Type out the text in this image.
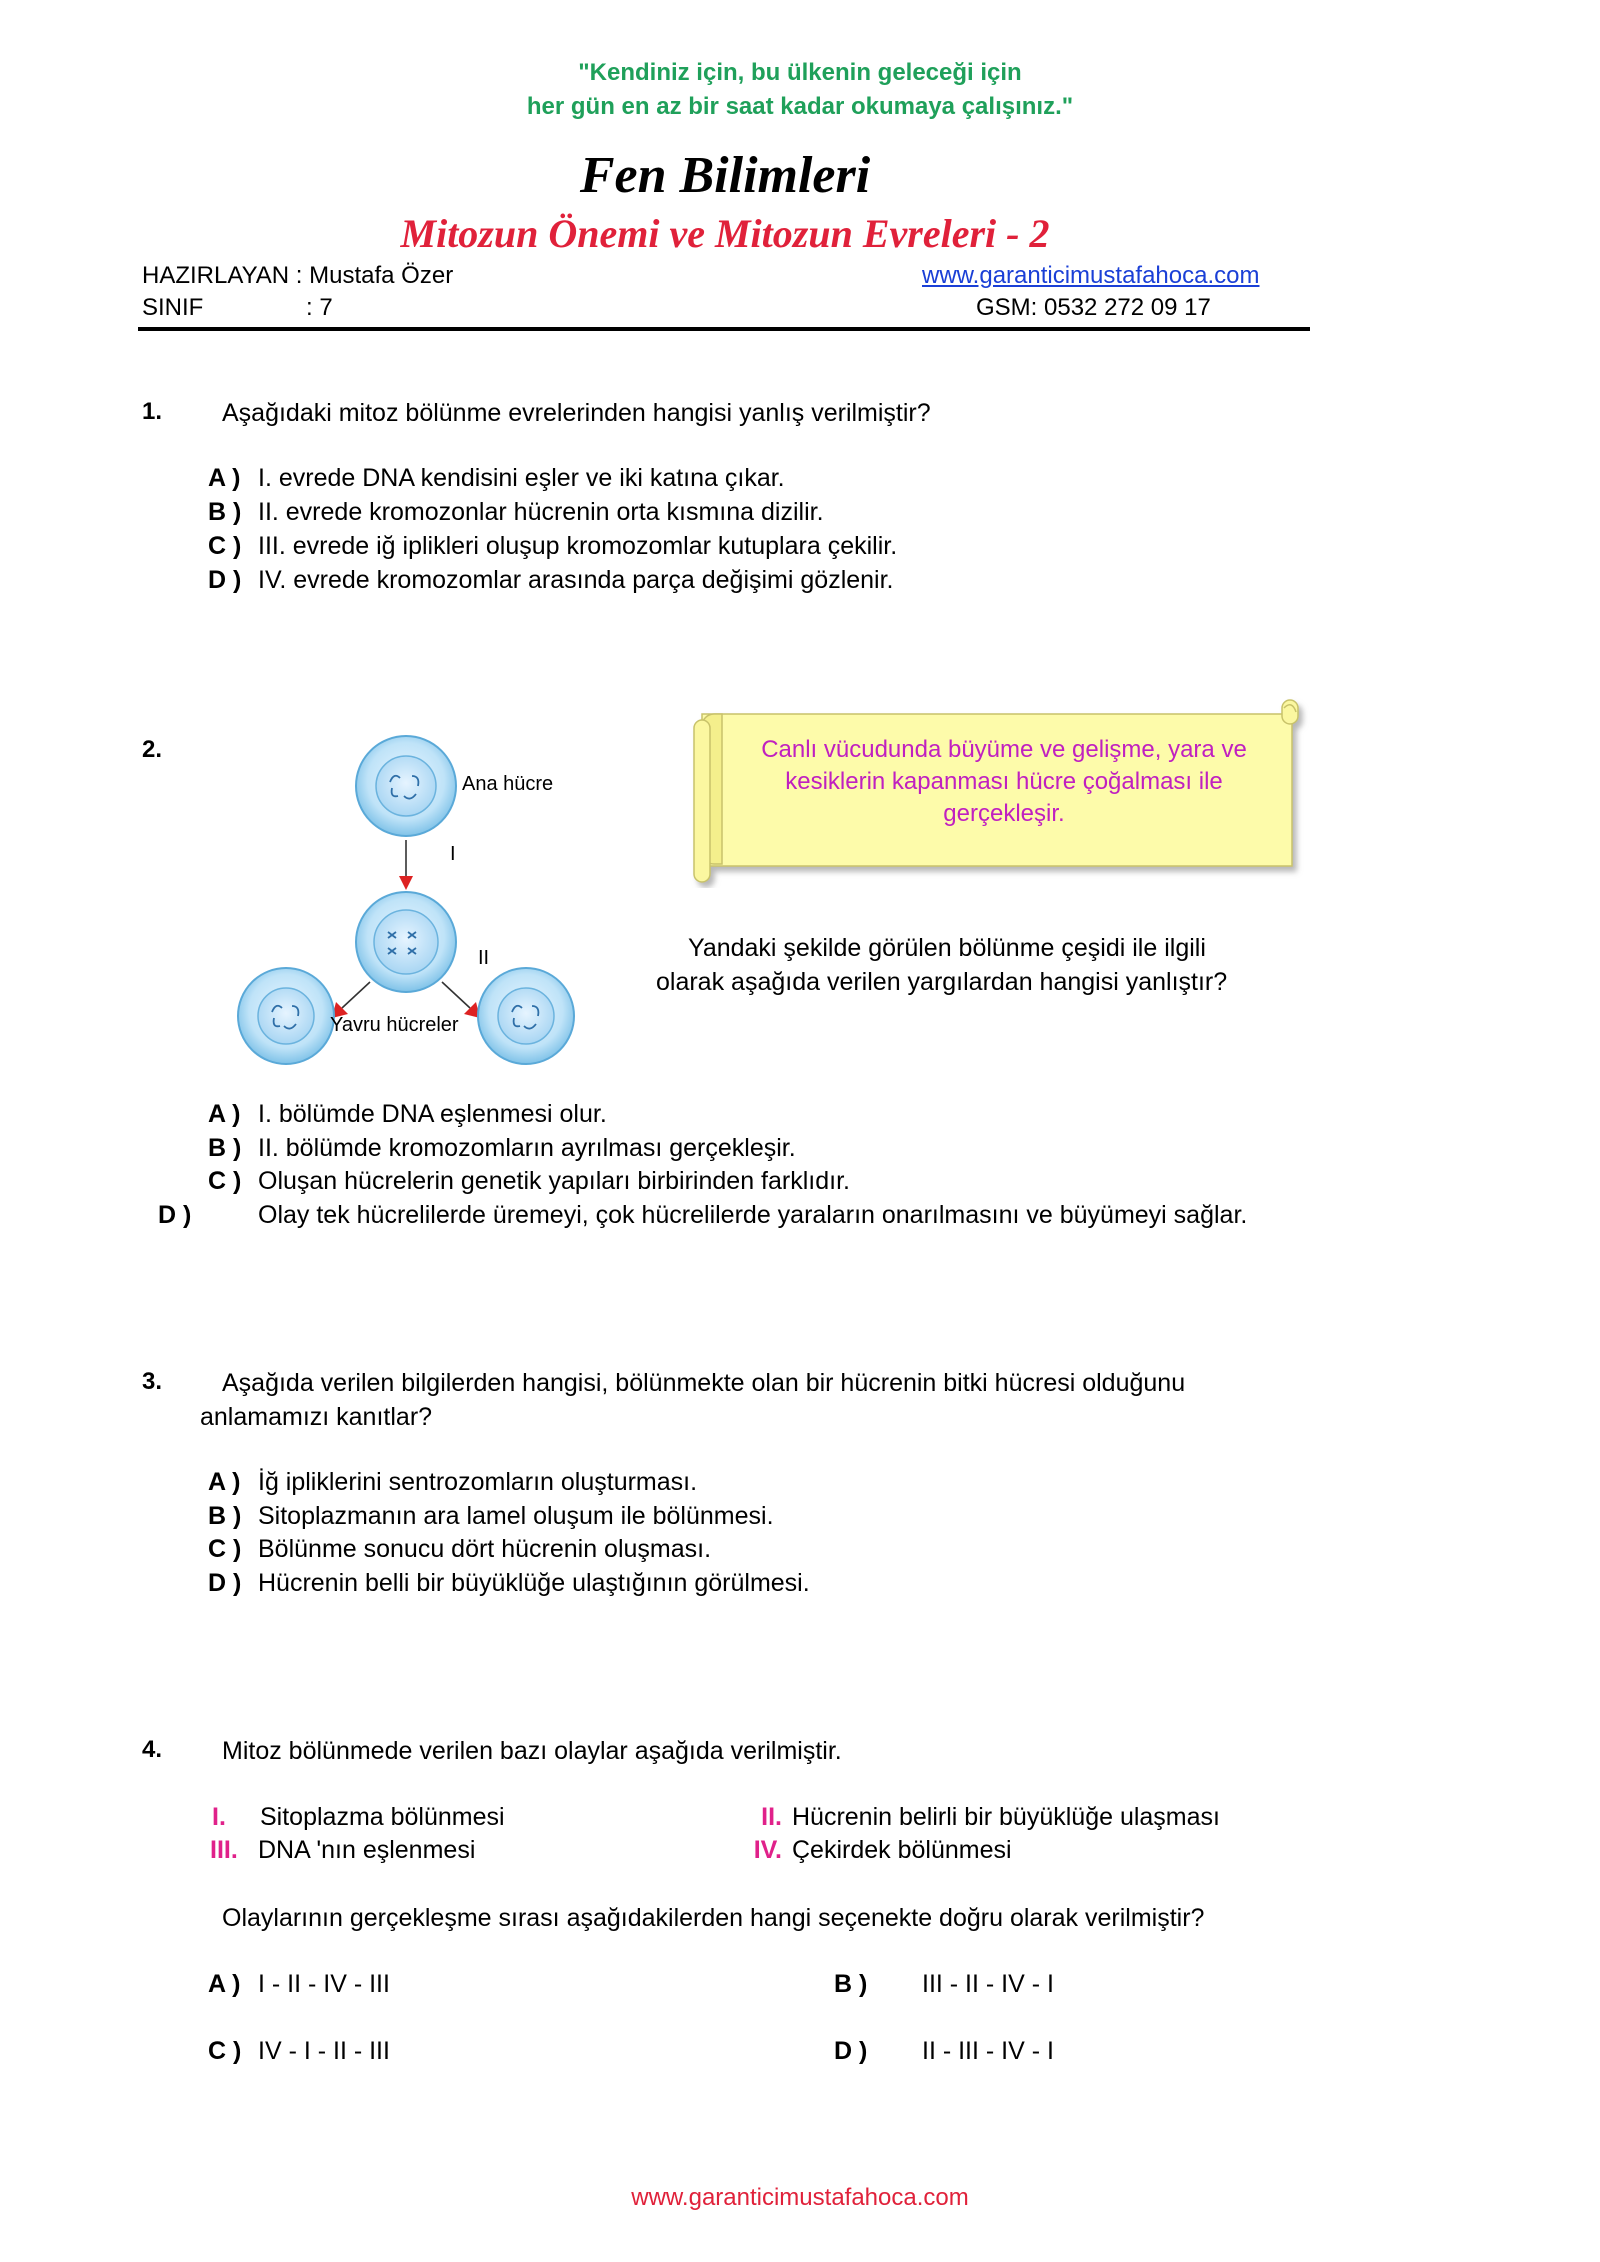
"Kendiniz için, bu ülkenin geleceği için
her gün en az bir saat kadar okumaya çalışınız."
Fen Bilimleri
Mitozun Önemi ve Mitozun Evreleri - 2
HAZIRLAYAN : Mustafa Özer	www.garanticimustafahoca.com
SINIF	: 7	GSM: 0532 272 09 17
1. Aşağıdaki mitoz bölünme evrelerinden hangisi yanlış verilmiştir?
A ) I. evrede DNA kendisini eşler ve iki katına çıkar.
B ) II. evrede kromozonlar hücrenin orta kısmına dizilir.
C ) III. evrede iğ iplikleri oluşup kromozomlar kutuplara çekilir.
D ) IV. evrede kromozomlar arasında parça değişimi gözlenir.
2.
Ana hücre
I
II
Yavru hücreler
Canlı vücudunda büyüme ve gelişme, yara ve kesiklerin kapanması hücre çoğalması ile gerçekleşir.
Yandaki şekilde görülen bölünme çeşidi ile ilgili olarak aşağıda verilen yargılardan hangisi yanlıştır?
A ) I. bölümde DNA eşlenmesi olur.
B ) II. bölümde kromozomların ayrılması gerçekleşir.
C ) Oluşan hücrelerin genetik yapıları birbirinden farklıdır.
D )	Olay tek hücrelilerde üremeyi, çok hücrelilerde yaraların onarılmasını ve büyümeyi sağlar.
3.	Aşağıda verilen bilgilerden hangisi, bölünmekte olan bir hücrenin bitki hücresi olduğunu anlamamızı kanıtlar?
A ) İğ ipliklerini sentrozomların oluşturması.
B ) Sitoplazmanın ara lamel oluşum ile bölünmesi.
C ) Bölünme sonucu dört hücrenin oluşması.
D ) Hücrenin belli bir büyüklüğe ulaştığının görülmesi.
4. Mitoz bölünmede verilen bazı olaylar aşağıda verilmiştir.
I. Sitoplazma bölünmesi	II. Hücrenin belirli bir büyüklüğe ulaşması
III. DNA 'nın eşlenmesi	IV. Çekirdek bölünmesi
Olaylarının gerçekleşme sırası aşağıdakilerden hangi seçenekte doğru olarak verilmiştir?
A ) I - II - IV - III	B ) III - II - IV - I
C ) IV - I - II - III	D ) II - III - IV - I
www.garanticimustafahoca.com
